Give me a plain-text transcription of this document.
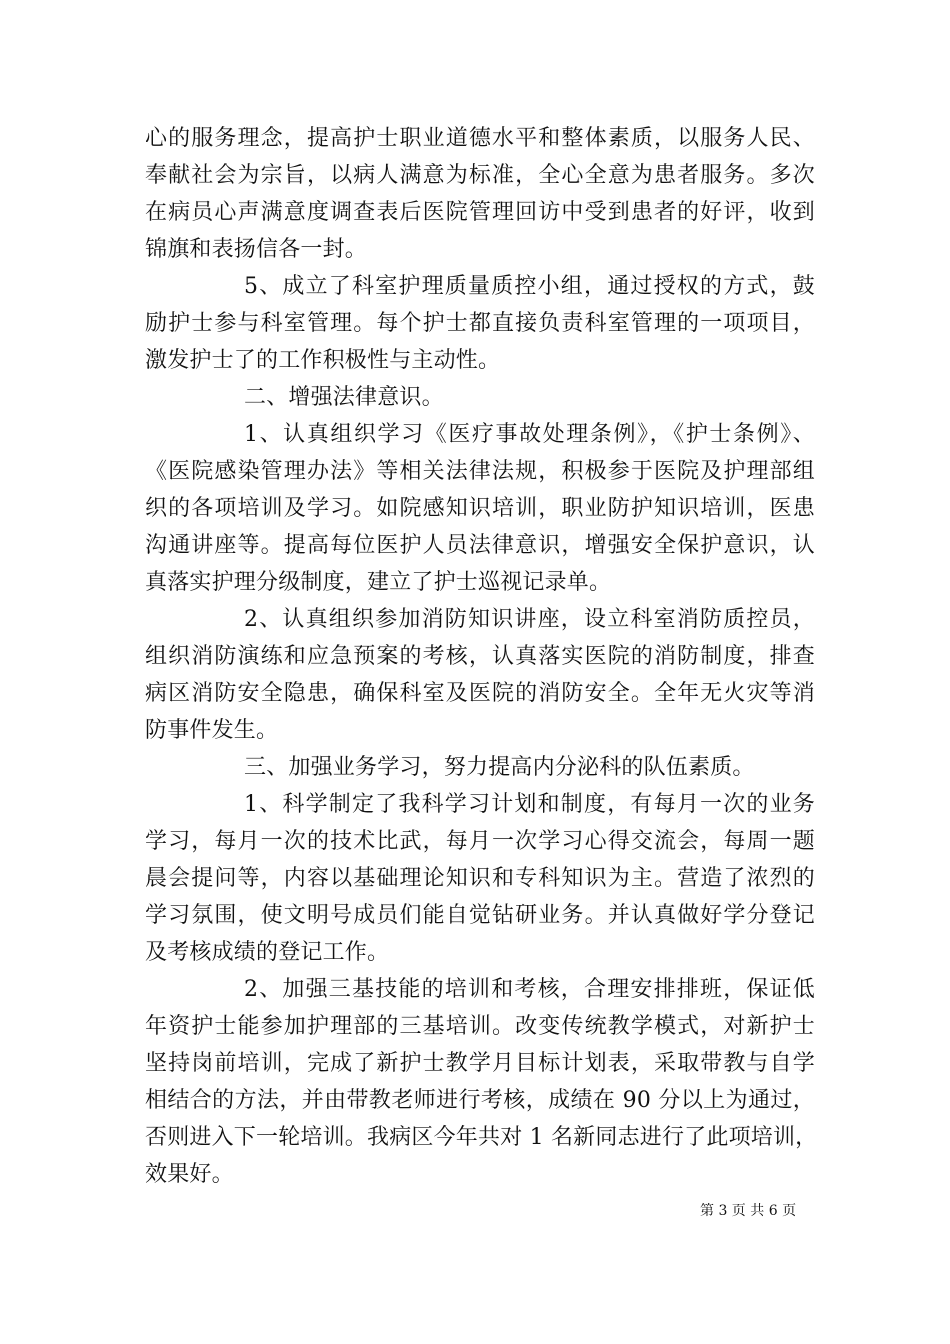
心的服务理念，提高护士职业道德水平和整体素质，以服务人民、
奉献社会为宗旨，以病人满意为标准，全心全意为患者服务。多次
在病员心声满意度调查表后医院管理回访中受到患者的好评，收到
锦旗和表扬信各一封。
5、成立了科室护理质量质控小组，通过授权的方式，鼓
励护士参与科室管理。每个护士都直接负责科室管理的一项项目，
激发护士了的工作积极性与主动性。
二、增强法律意识。
1、认真组织学习《医疗事故处理条例》，《护士条例》、
《医院感染管理办法》等相关法律法规，积极参于医院及护理部组
织的各项培训及学习。如院感知识培训，职业防护知识培训，医患
沟通讲座等。提高每位医护人员法律意识，增强安全保护意识，认
真落实护理分级制度，建立了护士巡视记录单。
2、认真组织参加消防知识讲座，设立科室消防质控员，
组织消防演练和应急预案的考核，认真落实医院的消防制度，排查
病区消防安全隐患，确保科室及医院的消防安全。全年无火灾等消
防事件发生。
三、加强业务学习，努力提高内分泌科的队伍素质。
1、科学制定了我科学习计划和制度，有每月一次的业务
学习，每月一次的技术比武，每月一次学习心得交流会，每周一题
晨会提问等，内容以基础理论知识和专科知识为主。营造了浓烈的
学习氛围，使文明号成员们能自觉钻研业务。并认真做好学分登记
及考核成绩的登记工作。
2、加强三基技能的培训和考核，合理安排排班，保证低
年资护士能参加护理部的三基培训。改变传统教学模式，对新护士
坚持岗前培训，完成了新护士教学月目标计划表，采取带教与自学
相结合的方法，并由带教老师进行考核，成绩在 90 分以上为通过，
否则进入下一轮培训。我病区今年共对 1 名新同志进行了此项培训，
效果好。
第 3 页 共 6 页
